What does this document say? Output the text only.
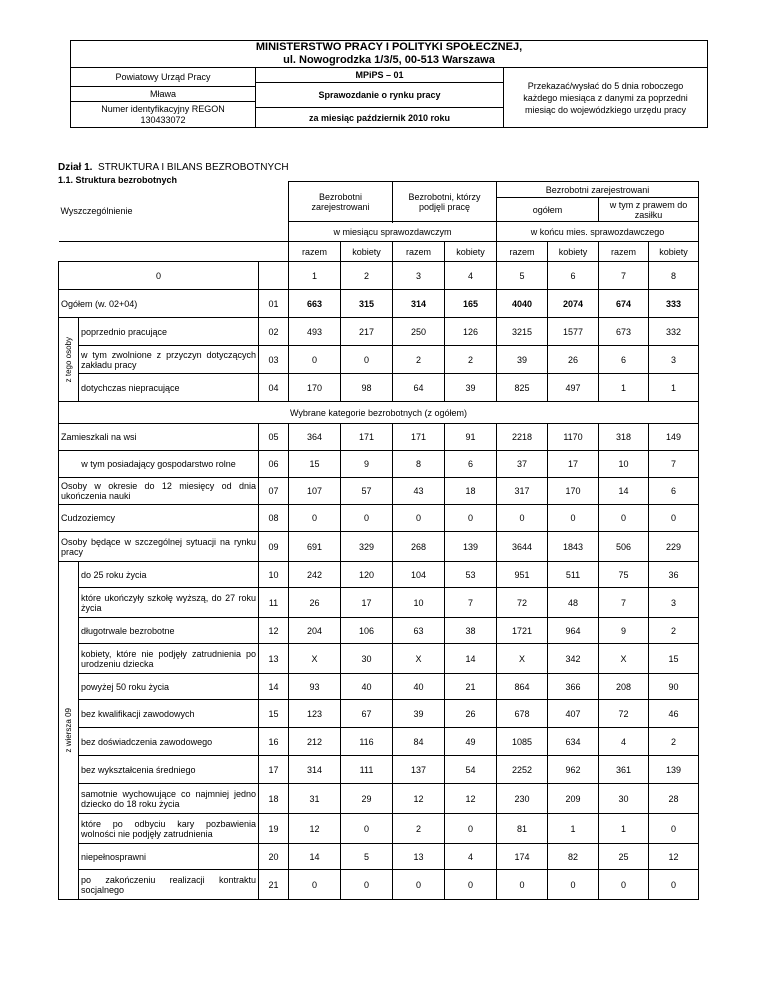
MINISTERSTWO PRACY I POLITYKI SPOŁECZNEJ,
ul. Nowogrodzka 1/3/5, 00-513 Warszawa
Powiatowy Urząd Pracy
Mława
Numer identyfikacyjny REGON
130433072
MPiPS – 01
Sprawozdanie o rynku pracy
za miesiąc październik 2010 roku
Przekazać/wysłać do 5 dnia roboczego każdego miesiąca z danymi za poprzedni miesiąc do wojewódzkiego urzędu pracy
Dział 1. STRUKTURA I BILANS BEZROBOTNYCH
1.1. Struktura bezrobotnych
Wyszczególnienie			Bezrobotni zarejestrowani		Bezrobotni, którzy podjęli pracę		Bezrobotni zarejestrowani			
							ogółem		w tym z prawem do zasiłku	

			w miesiącu sprawozdawczym				w końcu mies. sprawozdawczego			
			razem	kobiety	razem	kobiety	razem	kobiety	razem	kobiety
0			1	2	3	4	5	6	7	8
Ogółem (w. 02+04)		01	663	315	314	165	4040	2074	674	333

z tego osoby	poprzednio pracujące	02	493	217	250	126	3215	1577	673	332
	w tym zwolnione z przyczyn dotyczących zakładu pracy	03	0	0	2	2	39	26	6	3
	dotychczas niepracujące	04	170	98	64	39	825	497	1	1
Wybrane kategorie bezrobotnych (z ogółem)										
Zamieszkali na wsi		05	364	171	171	91	2218	1170	318	149
w tym posiadający gospodarstwo rolne		06	15	9	8	6	37	17	10	7
Osoby w okresie do 12 miesięcy od dnia ukończenia nauki		07	107	57	43	18	317	170	14	6
Cudzoziemcy		08	0	0	0	0	0	0	0	0
Osoby będące w szczególnej sytuacji na rynku pracy		09	691	329	268	139	3644	1843	506	229

z wiersza 09	do 25 roku życia	10	242	120	104	53	951	511	75	36
	które ukończyły szkołę wyższą, do 27 roku życia	11	26	17	10	7	72	48	7	3
	długotrwale bezrobotne	12	204	106	63	38	1721	964	9	2
	kobiety, które nie podjęły zatrudnienia po urodzeniu dziecka	13	X	30	X	14	X	342	X	15
	powyżej 50 roku życia	14	93	40	40	21	864	366	208	90
	bez kwalifikacji zawodowych	15	123	67	39	26	678	407	72	46
	bez doświadczenia zawodowego	16	212	116	84	49	1085	634	4	2
	bez wykształcenia średniego	17	314	111	137	54	2252	962	361	139
	samotnie wychowujące co najmniej jedno dziecko do 18 roku życia	18	31	29	12	12	230	209	30	28
	które po odbyciu kary pozbawienia wolności nie podjęły zatrudnienia	19	12	0	2	0	81	1	1	0
	niepełnosprawni	20	14	5	13	4	174	82	25	12
	po zakończeniu realizacji kontraktu socjalnego	21	0	0	0	0	0	0	0	0
